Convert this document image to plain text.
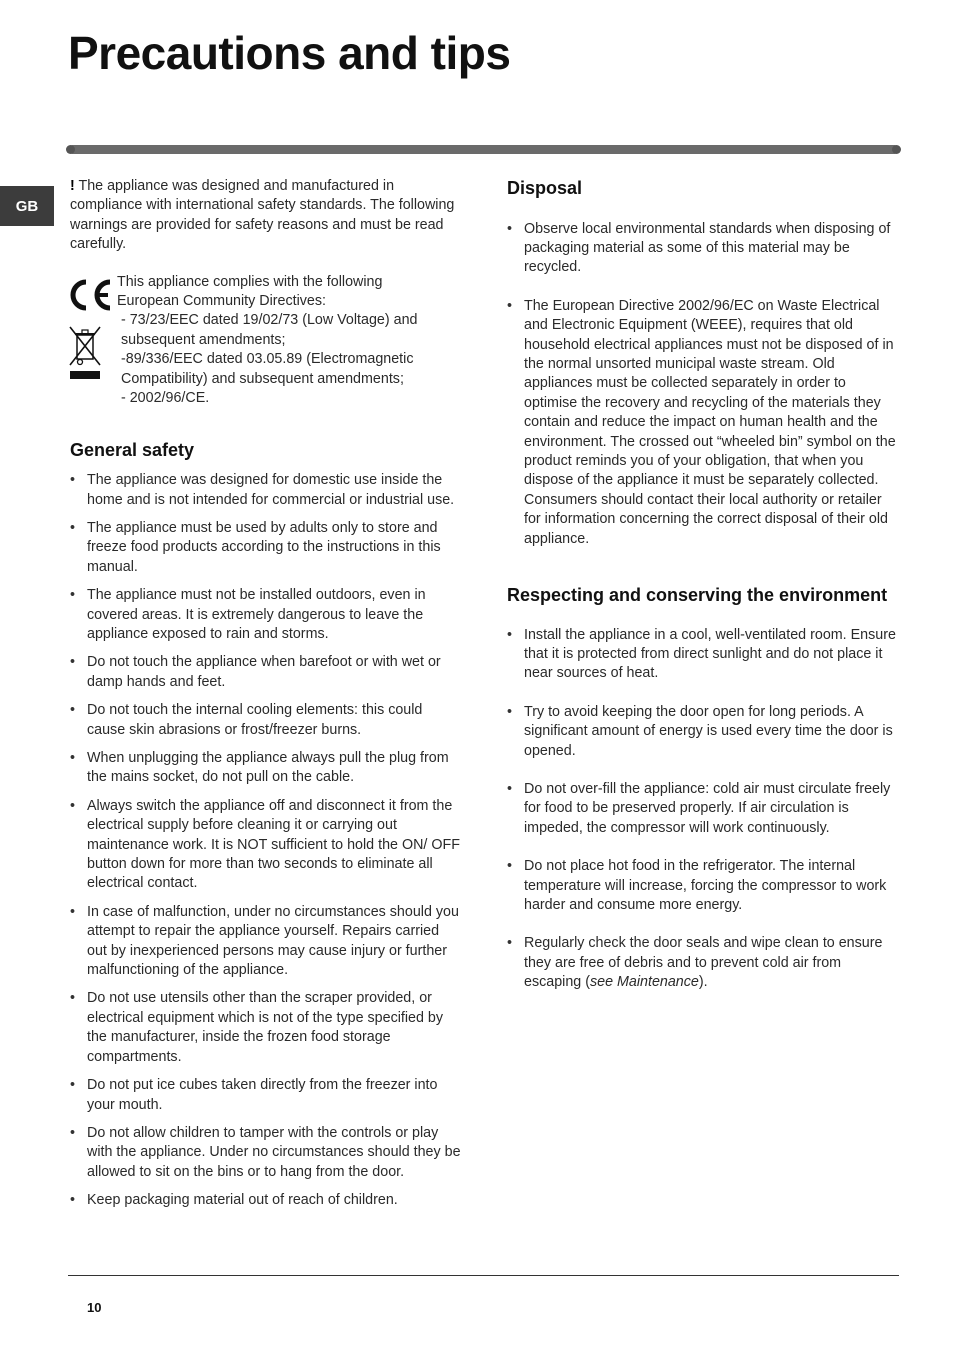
Precautions and tips
GB

! The appliance was designed and manufactured in compliance with international safety standards. The following warnings are provided for safety reasons and must be read carefully.

This appliance complies with the following
European Community Directives:
- 73/23/EEC dated 19/02/73 (Low Voltage) and
subsequent amendments;
-89/336/EEC dated 03.05.89 (Electromagnetic
Compatibility) and subsequent amendments;
- 2002/96/CE.
General safety
• The appliance was designed for domestic use inside the home and is not intended for commercial or industrial use.
• The appliance must be used by adults only to store and freeze food products according to the instructions in this manual.
• The appliance must not be installed outdoors, even in covered areas. It is extremely dangerous to leave the appliance exposed to rain and storms.
• Do not touch the appliance when barefoot or with wet or damp hands and feet.
• Do not touch the internal cooling elements: this could cause skin abrasions or frost/freezer burns.
• When unplugging the appliance always pull the plug from the mains socket, do not pull on the cable.
• Always switch the appliance off and disconnect it from the electrical supply before cleaning it or carrying out maintenance work. It is NOT sufficient to hold the ON/ OFF button down for more than two seconds to eliminate all electrical contact.
• In case of malfunction, under no circumstances should you attempt to repair the appliance yourself. Repairs carried out by inexperienced persons may cause injury or further malfunctioning of the appliance.
• Do not use utensils other than the scraper provided, or electrical equipment which is not of the type specified by the manufacturer, inside the frozen food storage compartments.
• Do not put ice cubes taken directly from the freezer into your mouth.
• Do not allow children to tamper with the controls or play with the appliance. Under no circumstances should they be allowed to sit on the bins or to hang from the door.
• Keep packaging material out of reach of children.
Disposal
• Observe local environmental standards when disposing of packaging material as some of this material may be recycled.
• The European Directive 2002/96/EC on Waste Electrical and Electronic Equipment (WEEE), requires that old household electrical appliances must not be disposed of in the normal unsorted municipal waste stream. Old appliances must be collected separately in order to optimise the recovery and recycling of the materials they contain and reduce the impact on human health and the environment. The crossed out “wheeled bin” symbol on the product reminds you of your obligation, that when you dispose of the appliance it must be separately collected.
Consumers should contact their local authority or retailer for information concerning the correct disposal of their old appliance.
Respecting and conserving the environment
• Install the appliance in a cool, well-ventilated room. Ensure that it is protected from direct sunlight and do not place it near sources of heat.
• Try to avoid keeping the door open for long periods. A significant amount of energy is used every time the door is opened.
• Do not over-fill the appliance: cold air must circulate freely for food to be preserved properly. If air circulation is impeded, the compressor will work continuously.
• Do not place hot food in the refrigerator. The internal temperature will increase, forcing the compressor to work harder and consume more energy.
• Regularly check the door seals and wipe clean to ensure they are free of debris and to prevent cold air from escaping (see Maintenance).
10
